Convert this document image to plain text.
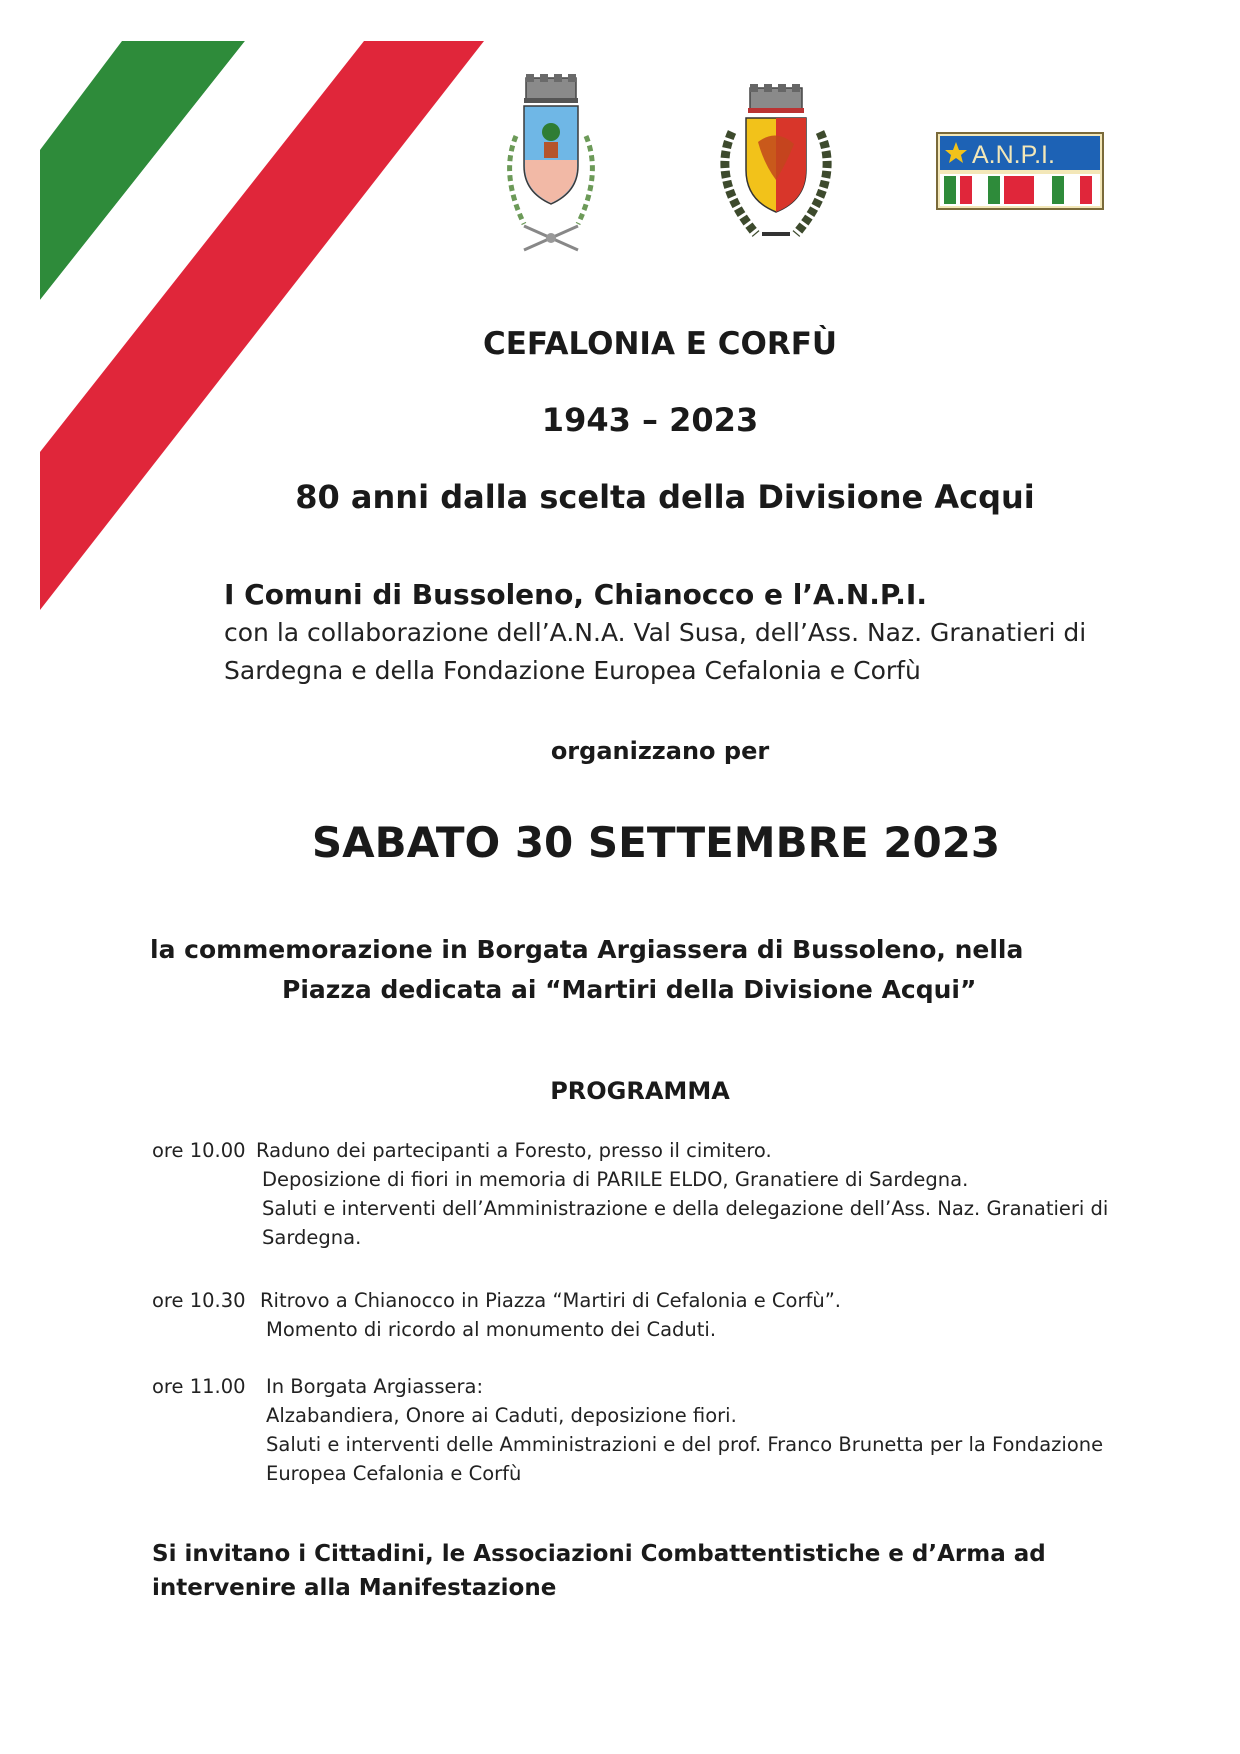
A.N.P.I.
CEFALONIA E CORFÙ
1943 – 2023
80 anni dalla scelta della Divisione Acqui
I Comuni di Bussoleno, Chianocco e l’A.N.P.I.
con la collaborazione dell’A.N.A. Val Susa, dell’Ass. Naz. Granatieri di
Sardegna e della Fondazione Europea Cefalonia e Corfù
organizzano per
SABATO 30 SETTEMBRE 2023
la commemorazione in Borgata Argiassera di Bussoleno, nella
Piazza dedicata ai “Martiri della Divisione Acqui”
PROGRAMMA
ore 10.00 Raduno dei partecipanti a Foresto, presso il cimitero.
Deposizione di fiori in memoria di PARILE ELDO, Granatiere di Sardegna.
Saluti e interventi dell’Amministrazione e della delegazione dell’Ass. Naz. Granatieri di
Sardegna.
ore 10.30 Ritrovo a Chianocco in Piazza “Martiri di Cefalonia e Corfù”.
Momento di ricordo al monumento dei Caduti.
ore 11.00 In Borgata Argiassera:
Alzabandiera, Onore ai Caduti, deposizione fiori.
Saluti e interventi delle Amministrazioni e del prof. Franco Brunetta per la Fondazione
Europea Cefalonia e Corfù
Si invitano i Cittadini, le Associazioni Combattentistiche e d’Arma ad
intervenire alla Manifestazione
